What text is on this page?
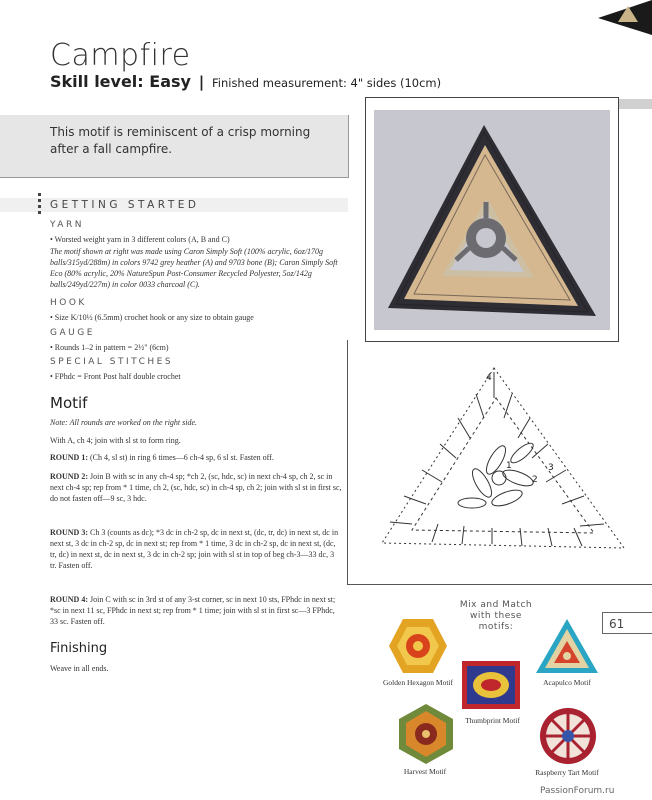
Campfire
Skill level: Easy | Finished measurement: 4" sides (10cm)
This motif is reminiscent of a crisp morning after a fall campfire.
GETTING STARTED
YARN
• Worsted weight yarn in 3 different colors (A, B and C)
The motif shown at right was made using Caron Simply Soft (100% acrylic, 6oz/170g balls/315yd/288m) in colors 9742 grey heather (A) and 9703 bone (B); Caron Simply Soft Eco (80% acrylic, 20% NatureSpun Post-Consumer Recycled Polyester, 5oz/142g balls/249yd/227m) in color 0033 charcoal (C).
HOOK
• Size K/10½ (6.5mm) crochet hook or any size to obtain gauge
GAUGE
• Rounds 1–2 in pattern = 2½" (6cm)
SPECIAL STITCHES
• FPhdc = Front Post half double crochet
Motif
Note: All rounds are worked on the right side.
With A, ch 4; join with sl st to form ring.
ROUND 1: (Ch 4, sl st) in ring 6 times—6 ch-4 sp, 6 sl st. Fasten off.
ROUND 2: Join B with sc in any ch-4 sp; *ch 2, (sc, hdc, sc) in next ch-4 sp, ch 2, sc in next ch-4 sp; rep from * 1 time, ch 2, (sc, hdc, sc) in ch-4 sp, ch 2; join with sl st in first sc, do not fasten off—9 sc, 3 hdc.
ROUND 3: Ch 3 (counts as dc); *3 dc in ch-2 sp, dc in next st, (dc, tr, dc) in next st, dc in next st, 3 dc in ch-2 sp, dc in next st; rep from * 1 time, 3 dc in ch-2 sp, dc in next st, (dc, tr, dc) in next st, dc in next st, 3 dc in ch-2 sp; join with sl st in top of beg ch-3—33 dc, 3 tr. Fasten off.
ROUND 4: Join C with sc in 3rd st of any 3-st corner, sc in next 10 sts, FPhdc in next st; *sc in next 11 sc, FPhdc in next st; rep from * 1 time; join with sl st in first sc—3 FPhdc, 33 sc. Fasten off.
Finishing
Weave in all ends.
4
1
2
3
Mix and Match
with these
motifs:	61
Golden Hexagon Motif
Thumbprint Motif
Acapulco Motif
Harvest Motif	Raspberry Tart Motif
PassionForum.ru
